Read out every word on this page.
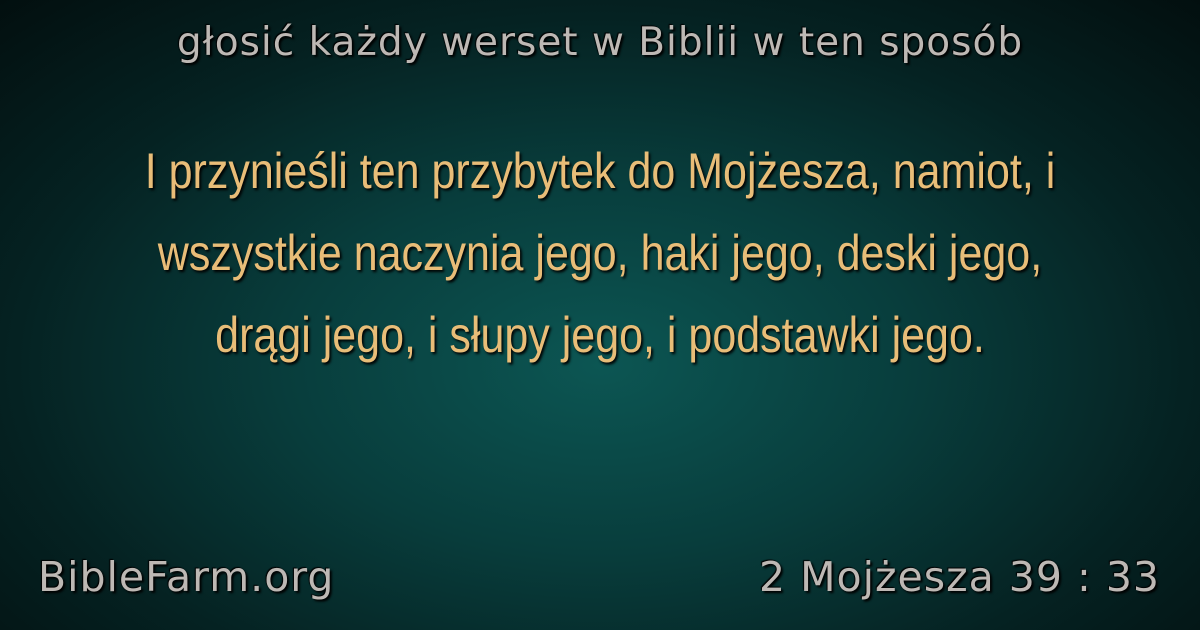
głosić każdy werset w Biblii w ten sposób
I przynieśli ten przybytek do Mojżesza, namiot, i wszystkie naczynia jego, haki jego, deski jego, drągi jego, i słupy jego, i podstawki jego.
BibleFarm.org	2 Mojżesza 39 : 33
